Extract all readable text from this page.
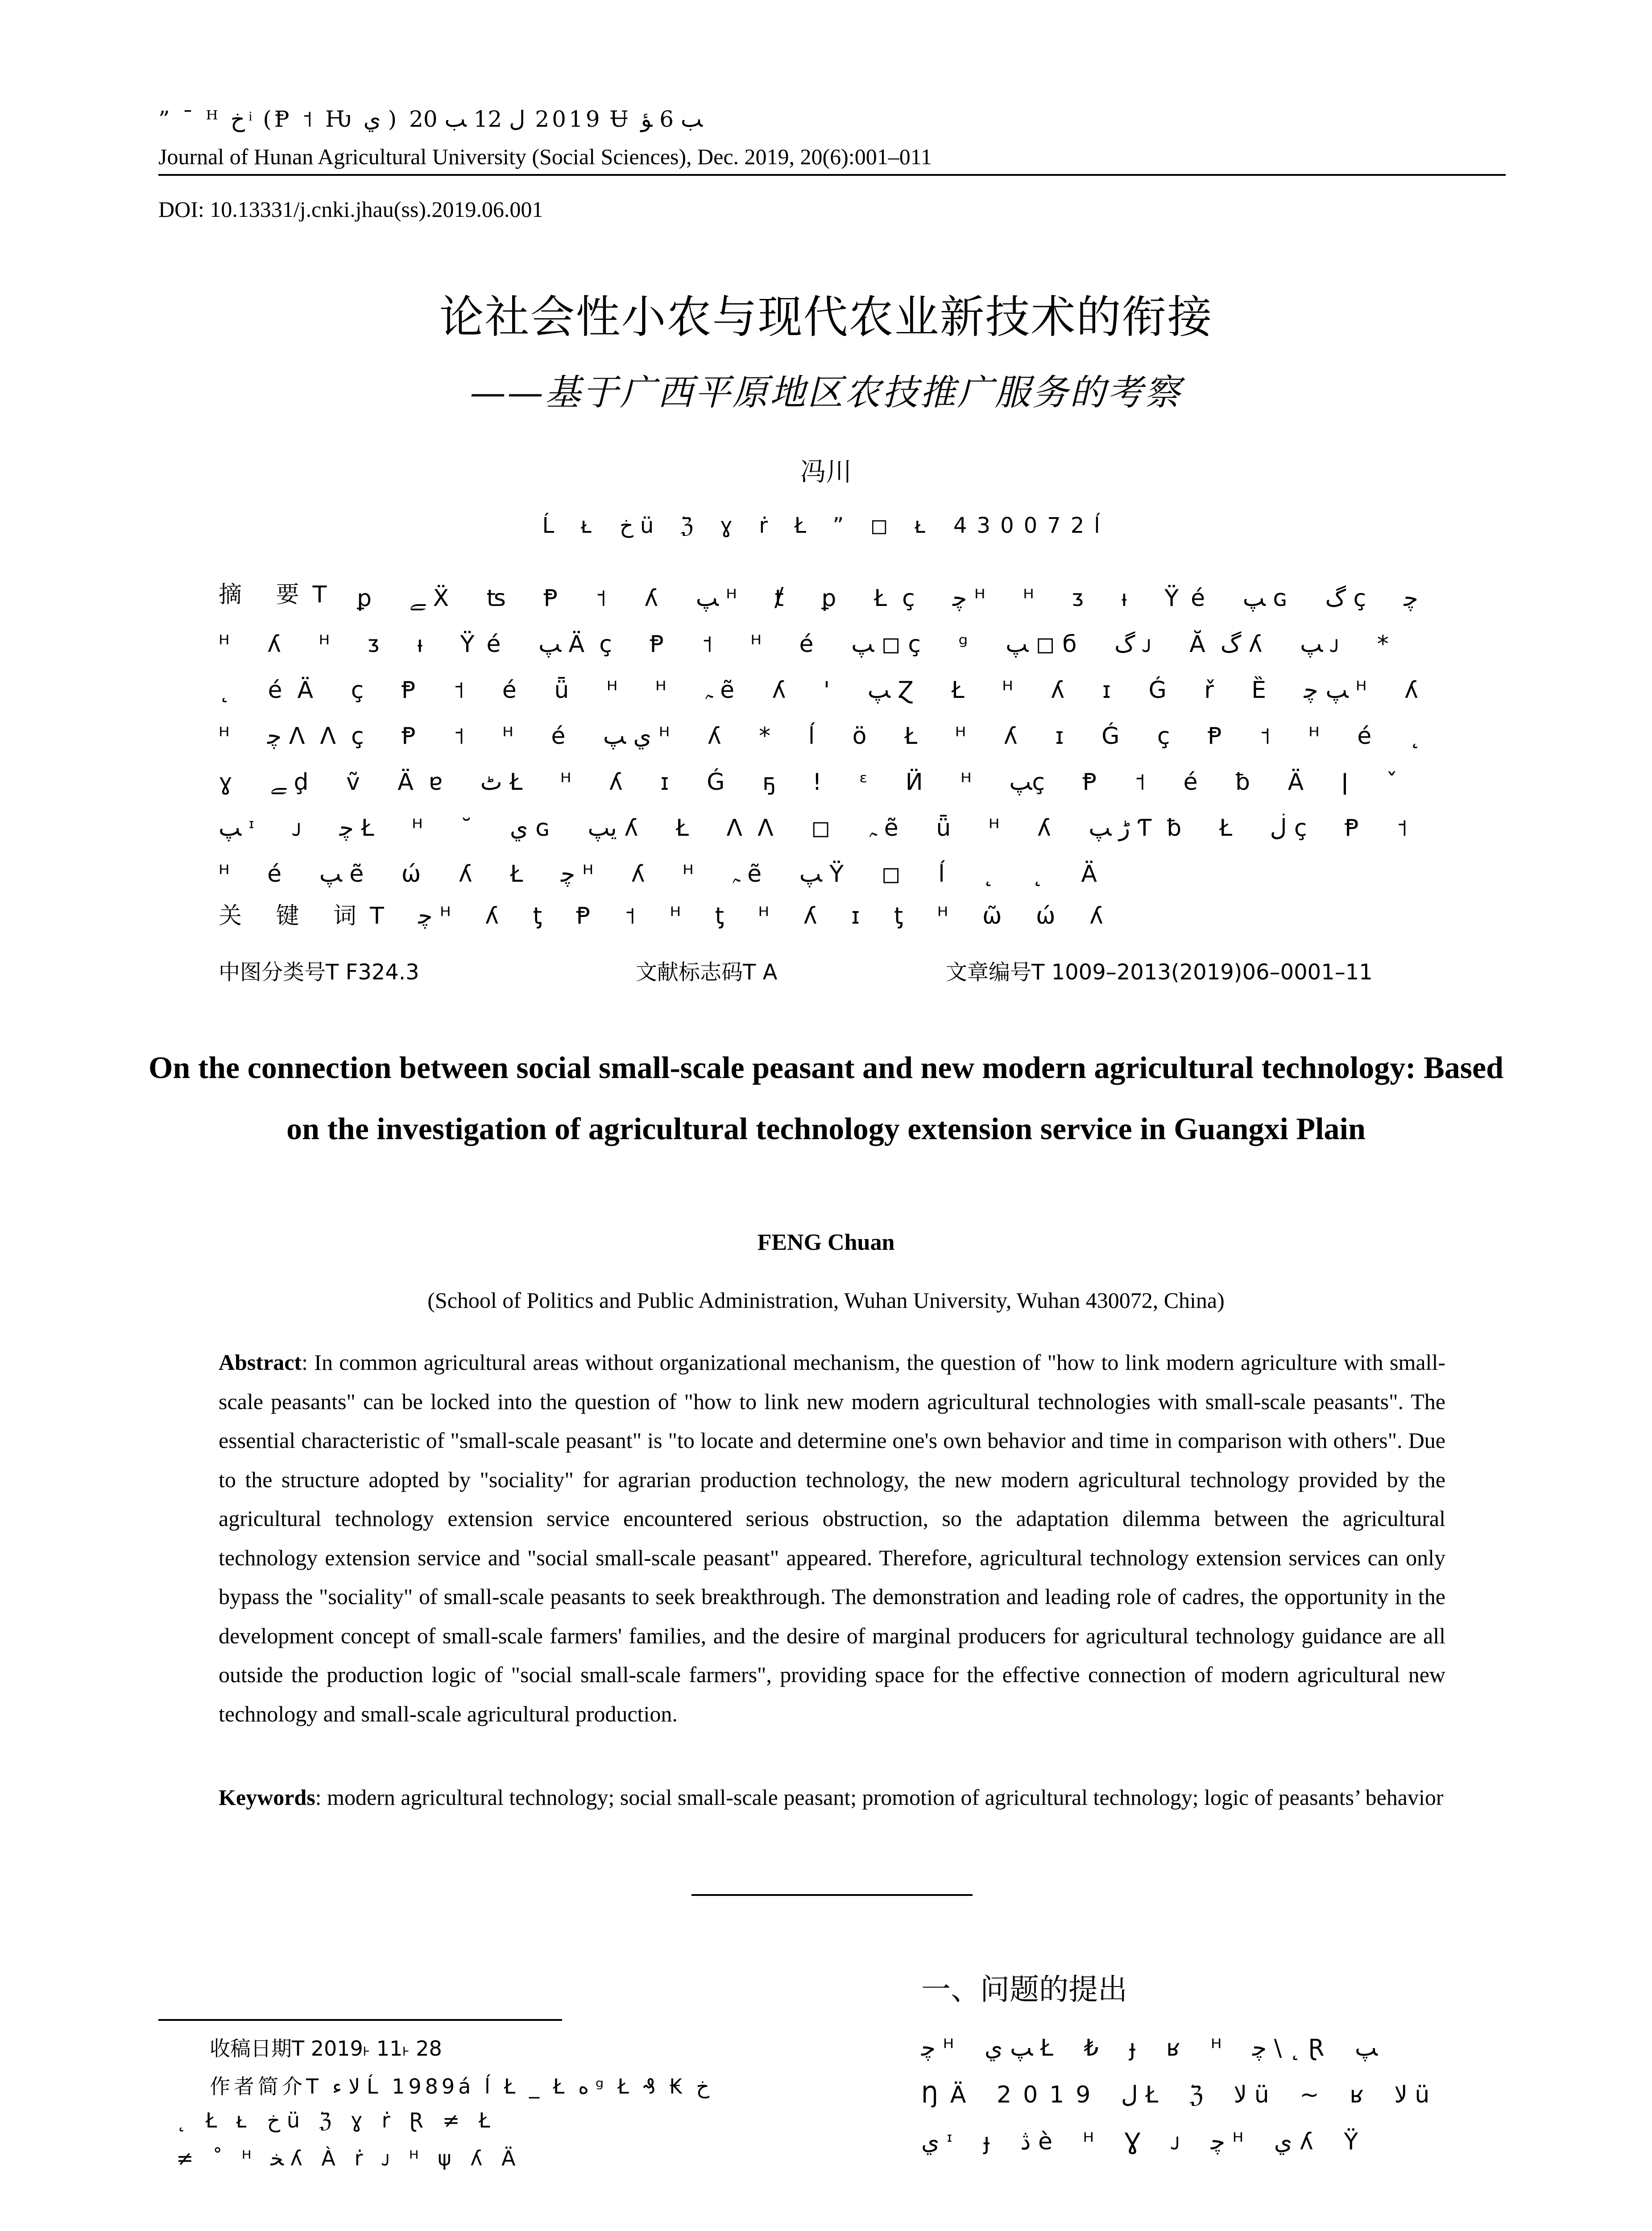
” ¯ ᴴ ﺥ ͥ (Ᵽ ˦ Ƕ ﻱ ) 2019 ﻝ 12 ﺐ 20 Ʉ ﺐ 6 ﺆ
Journal of Hunan Agricultural University (Social Sciences), Dec. 2019, 20(6):001–011
DOI: 10.13331/j.cnki.jhau(ss).2019.06.001
论社会性小农与现代农业新技术的衔接
——基于广西平原地区农技推广服务的考察
冯川
Ĺ ᴌ ﺥ ü ℨ ɣ ṙ Ł ” ◻ ᴌ 430072ĺ
摘 要T ꝑ ﮯ Ẍ ʦ Ᵽ ˦ ʎ ﭗ ᴴ ⱦ ꝑ Łç ﭼ ᴴ ᴴ ᴣ ᵼ Ÿé ﭗ ɢ گ ç ﭼ ᴴ ʎ ᴴ ᴣ ᵼ Ÿé ﭗ Äç Ᵽ ˦ ᴴ é ﭗ ◻ ç ᵍ ﭗ ◻ б گ ᴊ Ăگ ʎ ﭗ ᴊ * ˛ éÄ ç Ᵽ ˦ é ǖ ᴴ ᴴ ﮧ ẽ ʎ ' ﭗ Ɀ Ł ᴴ ʎ ɪ Ǵ ř Ȅ ﭗ ﭼ ᴴ ʎ ᴴ ﭼ ɅɅç Ᵽ ˦ ᴴ é ﻱ ﭗ ᴴ ʎ * ĺ ö Ł ᴴ ʎ ɪ Ǵ ç Ᵽ ˦ ᴴ é ˛ ɣ ﮯ ḑ ṽ Äɐ ٹ Ł ᴴ ʎ ɪ Ǵ ҕ ! ᵋ Ӥ ᴴ ﭗç Ᵽ ˦ é ƀ Ä ǀ ˇ ﭗ ᶦ ᴊ ﭼ Ł ᴴ ˘ ﻱ ɢ ﯾﭗ ʎ Ł ɅɅ ◻ ﮧ ẽ ǖ ᴴ ʎ ڑ ﭗ Ƭƀ Ł ڶ ç Ᵽ ˦ ᴴ é ﭗ ẽ ώ ʎ Ł ﭼ ᴴ ʎ ᴴ ﮧ ẽ ﭗ Ÿ ◻ ĺ ˛ ˛ Ä
关 键 词T ﭼ ᴴ ʎ ƫ Ᵽ ˦ ᴴ ƫ ᴴ ʎ ɪ ƫ ᴴ ῶ ώ ʎ
中图分类号T F324.3	文献标志码T A	文章编号T 1009–2013(2019)06–0001–11
On the connection between social small-scale peasant and new modern agricultural technology: Based on the investigation of agricultural technology extension service in Guangxi Plain
FENG Chuan
(School of Politics and Public Administration, Wuhan University, Wuhan 430072, China)
Abstract: In common agricultural areas without organizational mechanism, the question of "how to link modern agriculture with small-scale peasants" can be locked into the question of "how to link new modern agricultural technologies with small-scale peasants". The essential characteristic of "small-scale peasant" is "to locate and determine one's own behavior and time in comparison with others". Due to the structure adopted by "sociality" for agrarian production technology, the new modern agricultural technology provided by the agricultural technology extension service encountered serious obstruction, so the adaptation dilemma between the agricultural technology extension service and "social small-scale peasant" appeared. Therefore, agricultural technology extension services can only bypass the "sociality" of small-scale peasants to seek breakthrough. The demonstration and leading role of cadres, the opportunity in the development concept of small-scale farmers' families, and the desire of marginal producers for agricultural technology guidance are all outside the production logic of "social small-scale farmers", providing space for the effective connection of modern agricultural new technology and small-scale agricultural production.
Keywords: modern agricultural technology; social small-scale peasant; promotion of agricultural technology; logic of peasants’ behavior
一、问题的提出
ﭼ ᴴ ﭗ ﻱ Ł ₺ ɟ ʁ ᴴ ﭼ \ ˛ Ɽ ﭗ
ŊÄ 2019 ﻝ Ł ℨ ﻻ ü ~ ʁ ﻻ ü
ﻱ ᶦ ɟ ڎ è ᴴ Ɣ ᴊ ﭼ ᴴ ﻱ ʎ Ÿ
收稿日期T 2019˫ 11˫ 28
作者简介T ﻻ ﺀ Ĺ 1989á ĺ Ł _ Ł ﻩ ᵍ Ł ₰ ₭ ﺥ
˛ Ł ᴌ ﺥ ü ℨ ɣ ṙ Ɽ ≠ Ł
≠ ˚ ᴴ ﺨ ʎ À ṙ ᴊ ᴴ ψ ʎ Ä
